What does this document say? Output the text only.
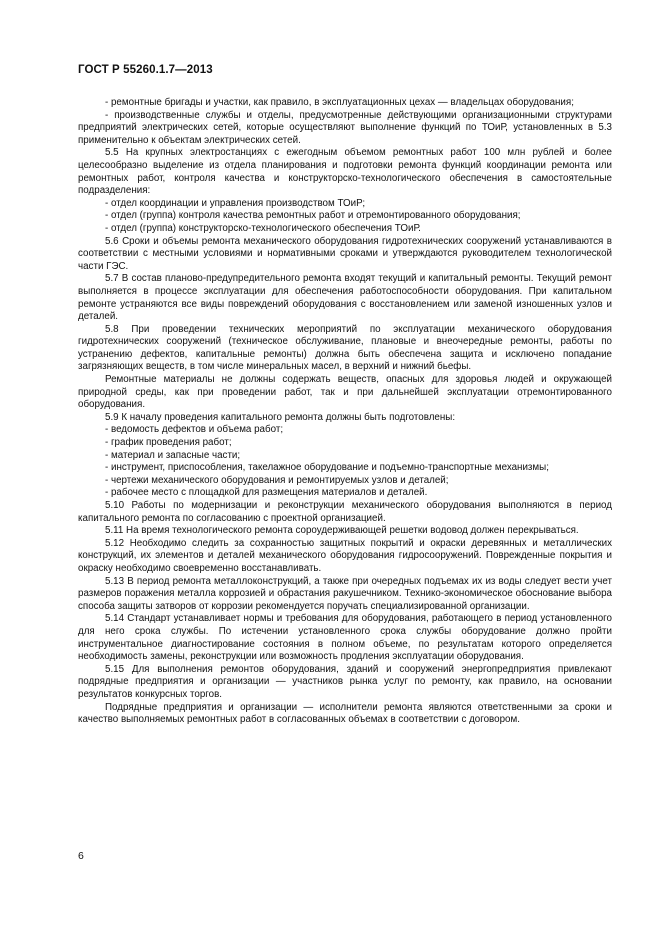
ГОСТ Р 55260.1.7—2013

- ремонтные бригады и участки, как правило, в эксплуатационных цехах — владельцах оборудования;

- производственные службы и отделы, предусмотренные действующими организационными структурами предприятий электрических сетей, которые осуществляют выполнение функций по ТОиР, установленных в 5.3 применительно к объектам электрических сетей.

5.5 На крупных электростанциях с ежегодным объемом ремонтных работ 100 млн рублей и более целесообразно выделение из отдела планирования и подготовки ремонта функций координации ремонта или ремонтных работ, контроля качества и конструкторско-технологического обеспечения в самостоятельные подразделения:

- отдел координации и управления производством ТОиР;

- отдел (группа) контроля качества ремонтных работ и отремонтированного оборудования;

- отдел (группа) конструкторско-технологического обеспечения ТОиР.

5.6 Сроки и объемы ремонта механического оборудования гидротехнических сооружений устанавливаются в соответствии с местными условиями и нормативными сроками и утверждаются руководителем технологической части ГЭС.

5.7 В состав планово-предупредительного ремонта входят текущий и капитальный ремонты. Текущий ремонт выполняется в процессе эксплуатации для обеспечения работоспособности оборудования. При капитальном ремонте устраняются все виды повреждений оборудования с восстановлением или заменой изношенных узлов и деталей.

5.8 При проведении технических мероприятий по эксплуатации механического оборудования гидротехнических сооружений (техническое обслуживание, плановые и внеочередные ремонты, работы по устранению дефектов, капитальные ремонты) должна быть обеспечена защита и исключено попадание загрязняющих веществ, в том числе минеральных масел, в верхний и нижний бьефы.

Ремонтные материалы не должны содержать веществ, опасных для здоровья людей и окружающей природной среды, как при проведении работ, так и при дальнейшей эксплуатации отремонтированного оборудования.

5.9 К началу проведения капитального ремонта должны быть подготовлены:

- ведомость дефектов и объема работ;

- график проведения работ;

- материал и запасные части;

- инструмент, приспособления, такелажное оборудование и подъемно-транспортные механизмы;

- чертежи механического оборудования и ремонтируемых узлов и деталей;

- рабочее место с площадкой для размещения материалов и деталей.

5.10 Работы по модернизации и реконструкции механического оборудования выполняются в период капитального ремонта по согласованию с проектной организацией.

5.11 На время технологического ремонта сороудерживающей решетки водовод должен перекрываться.

5.12 Необходимо следить за сохранностью защитных покрытий и окраски деревянных и металлических конструкций, их элементов и деталей механического оборудования гидросооружений. Поврежденные покрытия и окраску необходимо своевременно восстанавливать.

5.13 В период ремонта металлоконструкций, а также при очередных подъемах их из воды следует вести учет размеров поражения металла коррозией и обрастания ракушечником. Технико-экономическое обоснование выбора способа защиты затворов от коррозии рекомендуется поручать специализированной организации.

5.14 Стандарт устанавливает нормы и требования для оборудования, работающего в период установленного для него срока службы. По истечении установленного срока службы оборудование должно пройти инструментальное диагностирование состояния в полном объеме, по результатам которого определяется необходимость замены, реконструкции или возможность продления эксплуатации оборудования.

5.15 Для выполнения ремонтов оборудования, зданий и сооружений энергопредприятия привлекают подрядные предприятия и организации — участников рынка услуг по ремонту, как правило, на основании результатов конкурсных торгов.

Подрядные предприятия и организации — исполнители ремонта являются ответственными за сроки и качество выполняемых ремонтных работ в согласованных объемах в соответствии с договором.

6
